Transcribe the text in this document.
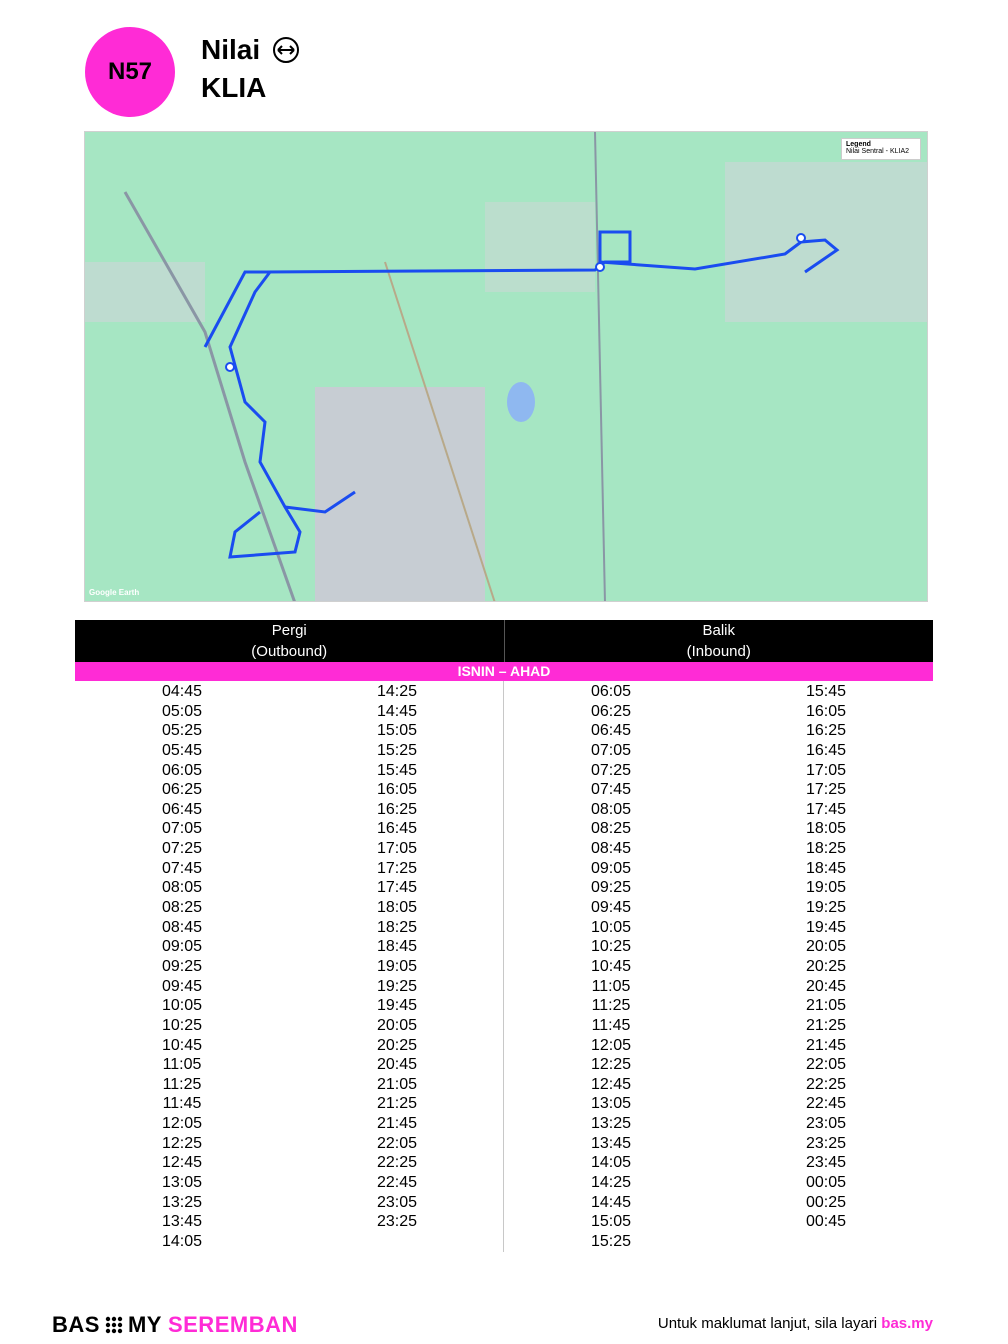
N57
Nilai
KLIA
Legend
Nilai Sentral - KLIA2
Google Earth
Pergi
(Outbound)
Balik
(Inbound)
ISNIN – AHAD
04:45
05:05
05:25
05:45
06:05
06:25
06:45
07:05
07:25
07:45
08:05
08:25
08:45
09:05
09:25
09:45
10:05
10:25
10:45
11:05
11:25
11:45
12:05
12:25
12:45
13:05
13:25
13:45
14:05
14:25
14:45
15:05
15:25
15:45
16:05
16:25
16:45
17:05
17:25
17:45
18:05
18:25
18:45
19:05
19:25
19:45
20:05
20:25
20:45
21:05
21:25
21:45
22:05
22:25
22:45
23:05
23:25
06:05
06:25
06:45
07:05
07:25
07:45
08:05
08:25
08:45
09:05
09:25
09:45
10:05
10:25
10:45
11:05
11:25
11:45
12:05
12:25
12:45
13:05
13:25
13:45
14:05
14:25
14:45
15:05
15:25
15:45
16:05
16:25
16:45
17:05
17:25
17:45
18:05
18:25
18:45
19:05
19:25
19:45
20:05
20:25
20:45
21:05
21:25
21:45
22:05
22:25
22:45
23:05
23:25
23:45
00:05
00:25
00:45
BAS MY SEREMBAN	Untuk maklumat lanjut, sila layari bas.my
